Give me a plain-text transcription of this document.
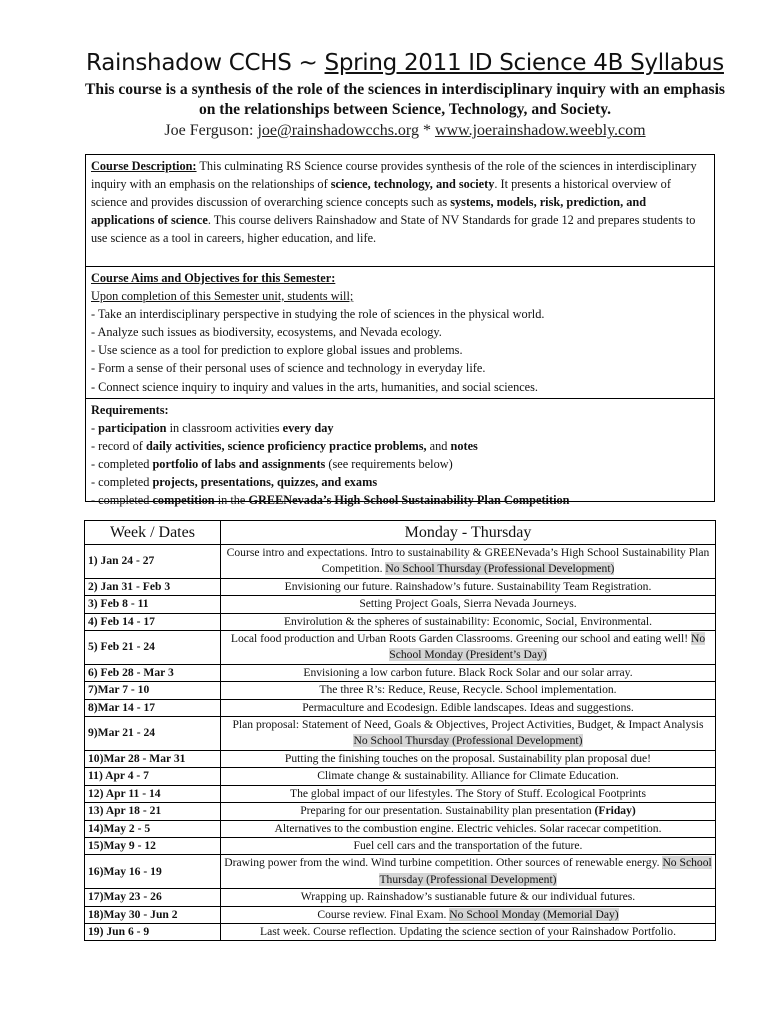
Rainshadow CCHS ~ Spring 2011 ID Science 4B Syllabus
This course is a synthesis of the role of the sciences in interdisciplinary inquiry with an emphasis on the relationships between Science, Technology, and Society.
Joe Ferguson: joe@rainshadowcchs.org * www.joerainshadow.weebly.com
Course Description: This culminating RS Science course provides synthesis of the role of the sciences in interdisciplinary inquiry with an emphasis on the relationships of science, technology, and society. It presents a historical overview of science and provides discussion of overarching science concepts such as systems, models, risk, prediction, and applications of science. This course delivers Rainshadow and State of NV Standards for grade 12 and prepares students to use science as a tool in careers, higher education, and life.
Course Aims and Objectives for this Semester:
Upon completion of this Semester unit, students will;
- Take an interdisciplinary perspective in studying the role of sciences in the physical world.
- Analyze such issues as biodiversity, ecosystems, and Nevada ecology.
- Use science as a tool for prediction to explore global issues and problems.
- Form a sense of their personal uses of science and technology in everyday life.
- Connect science inquiry to inquiry and values in the arts, humanities, and social sciences.
Requirements:
- participation in classroom activities every day
- record of daily activities, science proficiency practice problems, and notes
- completed portfolio of labs and assignments (see requirements below)
- completed projects, presentations, quizzes, and exams
- completed competition in the GREENevada’s High School Sustainability Plan Competition
Week / Dates	Monday - Thursday
1) Jan 24 - 27	Course intro and expectations. Intro to sustainability & GREENevada’s High School Sustainability Plan Competition. No School Thursday (Professional Development)
2) Jan 31 - Feb 3	Envisioning our future. Rainshadow’s future. Sustainability Team Registration.
3) Feb 8 - 11	Setting Project Goals, Sierra Nevada Journeys.
4) Feb 14 - 17	Envirolution & the spheres of sustainability: Economic, Social, Environmental.
5) Feb 21 - 24	Local food production and Urban Roots Garden Classrooms. Greening our school and eating well! No School Monday (President’s Day)
6) Feb 28 - Mar 3	Envisioning a low carbon future. Black Rock Solar and our solar array.
7)Mar 7 - 10	The three R’s: Reduce, Reuse, Recycle. School implementation.
8)Mar 14 - 17	Permaculture and Ecodesign. Edible landscapes. Ideas and suggestions.
9)Mar 21 - 24	Plan proposal: Statement of Need, Goals & Objectives, Project Activities, Budget, & Impact Analysis No School Thursday (Professional Development)
10)Mar 28 - Mar 31	Putting the finishing touches on the proposal. Sustainability plan proposal due!
11) Apr 4 - 7	Climate change & sustainability. Alliance for Climate Education.
12) Apr 11 - 14	The global impact of our lifestyles. The Story of Stuff. Ecological Footprints
13) Apr 18 - 21	Preparing for our presentation. Sustainability plan presentation (Friday)
14)May 2 - 5	Alternatives to the combustion engine. Electric vehicles. Solar racecar competition.
15)May 9 - 12	Fuel cell cars and the transportation of the future.
16)May 16 - 19	Drawing power from the wind. Wind turbine competition. Other sources of renewable energy. No School Thursday (Professional Development)
17)May 23 - 26	Wrapping up. Rainshadow’s sustianable future & our individual futures.
18)May 30 - Jun 2	Course review. Final Exam. No School Monday (Memorial Day)
19) Jun 6 - 9	Last week. Course reflection. Updating the science section of your Rainshadow Portfolio.
